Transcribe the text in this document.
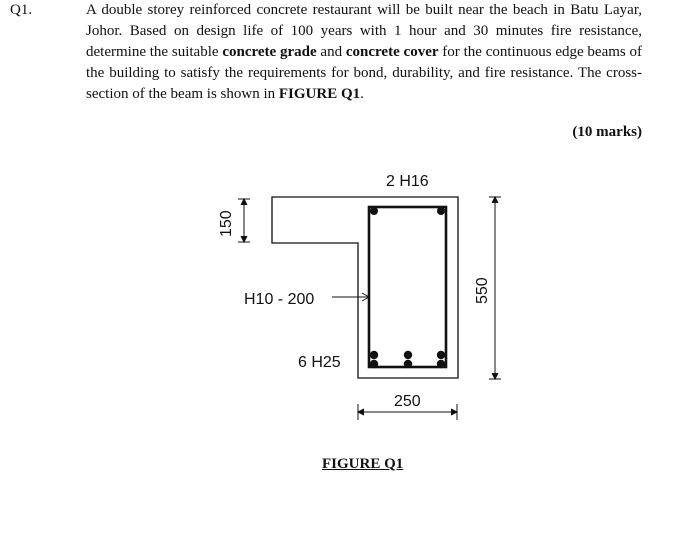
Q1.	A double storey reinforced concrete restaurant will be built near the beach in Batu Layar, Johor. Based on design life of 100 years with 1 hour and 30 minutes fire resistance, determine the suitable concrete grade and concrete cover for the continuous edge beams of the building to satisfy the requirements for bond, durability, and fire resistance. The cross-section of the beam is shown in FIGURE Q1.
(10 marks)
2 H16
H10 - 200
6 H25
250
150
550
FIGURE Q1
